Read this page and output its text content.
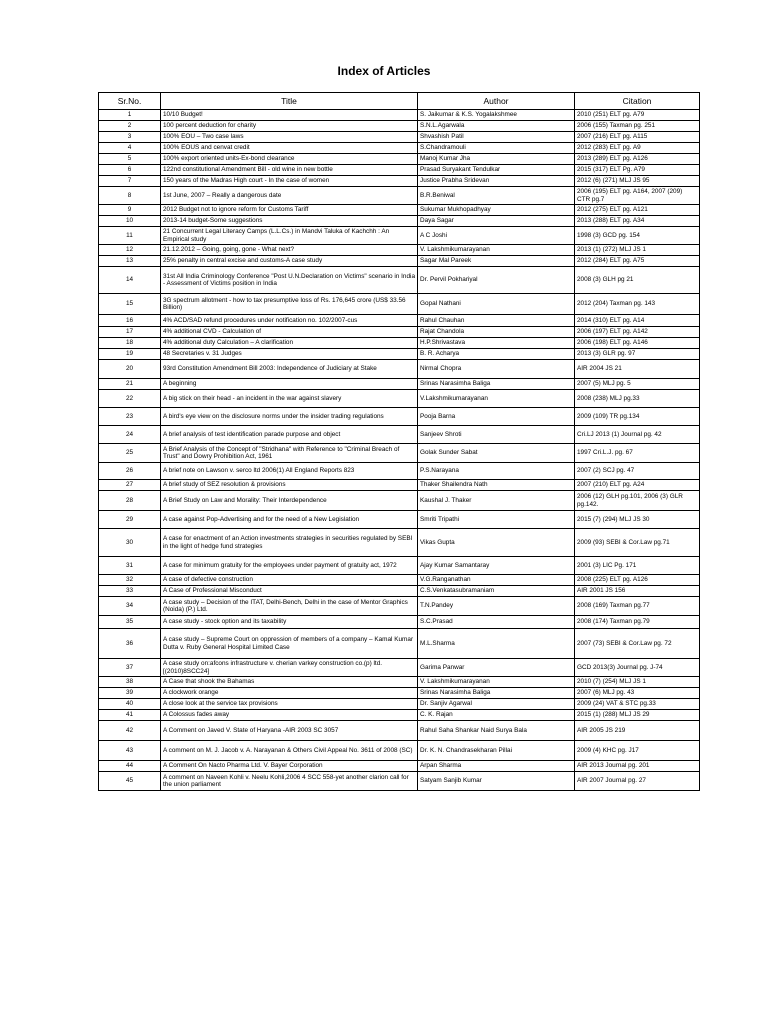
Index of Articles
Sr.No.	Title	Author	Citation
1	10/10 Budget!	S. Jaikumar & K.S. Yogalakshmee	2010 (251) ELT pg. A79
2	100 percent deduction for charity	S.N.L.Agarwala	2006 (155) Taxman pg. 251
3	100% EOU – Two case laws	Shvashish Patil	2007 (216) ELT pg. A115
4	100% EOUS and cenvat credit	S.Chandramouli	2012 (283) ELT pg. A9
5	100% export oriented units-Ex-bond clearance	Manoj Kumar Jha	2013 (289) ELT pg. A126
6	122nd constitutional Amendment Bill - old wine in new bottle	Prasad Suryakant Tendulkar	2015 (317) ELT Pg. A79
7	150 years of the Madras High court - In the case of women	Justice Prabha Sridevan	2012 (6) (271) MLJ JS 95
8	1st June, 2007 – Really a dangerous date	B.R.Beniwal	2006 (195) ELT pg. A164, 2007 (209) CTR pg.7
9	2012 Budget not to ignore reform for Customs Tariff	Sukumar Mukhopadhyay	2012 (275) ELT pg. A121
10	2013-14 budget-Some suggestions	Daya Sagar	2013 (288) ELT pg. A34
11	21 Concurrent Legal Literacy Camps (L.L.Cs.) in Mandvi Taluka of Kachchh : An Empirical study	A C Joshi	1998 (3) GCD pg. 154
12	21.12.2012 – Going, going, gone - What next?	V. Lakshmikumarayanan	2013 (1) (272) MLJ JS 1
13	25% penalty in central excise and customs-A case study	Sagar Mal Pareek	2012 (284) ELT pg. A75
14	31st All India Criminology Conference "Post U.N.Declaration on Victims" scenario in India - Assessment of Victims position in India	Dr. Pervil Pokhariyal	2008 (3) GLH pg 21
15	3G spectrum allotment - how to tax presumptive loss of Rs. 176,645 crore (US$ 33.56 Billion)	Gopal Nathani	2012 (204) Taxman pg. 143
16	4% ACD/SAD refund procedures under notification no. 102/2007-cus	Rahul Chauhan	2014 (310) ELT pg. A14
17	4% additional CVD - Calculation of	Rajat Chandola	2006 (197) ELT pg. A142
18	4% additional duty Calculation – A clarification	H.P.Shrivastava	2006 (198) ELT pg. A146
19	48 Secretaries v. 31 Judges	B. R. Acharya	2013 (3) GLR pg. 97
20	93rd Constitution Amendment Bill 2003: Independence of Judiciary at Stake	Nirmal Chopra	AIR 2004 JS 21
21	A beginning	Srinas Narasimha Baliga	2007 (5) MLJ pg. 5
22	A big stick on their head - an incident in the war against slavery	V.Lakshmikumarayanan	2008 (238) MLJ pg.33
23	A bird's eye view on the disclosure norms under the insider trading regulations	Pooja Barna	2009 (109) TR pg.134
24	A brief analysis of test identification parade purpose and object	Sanjeev Shroti	Cri.LJ 2013 (1) Journal pg. 42
25	A Brief Analysis of the Concept of "Stridhana" with Reference to "Criminal Breach of Trust" and Dowry Prohibition Act, 1961	Golak Sunder Sabat	1997 Cri.L.J. pg. 67
26	A brief note on Lawson v. serco ltd 2006(1) All England Reports 823	P.S.Narayana	2007 (2) SCJ pg. 47
27	A brief study of SEZ resolution & provisions	Thaker Shailendra Nath	2007 (210) ELT pg. A24
28	A Brief Study on Law and Morality: Their Interdependence	Kaushal J. Thaker	2006 (12) GLH pg.101, 2006 (3) GLR pg.142.
29	A case against Pop-Advertising and for the need of a New Legislation	Smriti Tripathi	2015 (7) (294) MLJ JS 30
30	A case for enactment of an Action investments strategies in securities regulated by SEBI in the light of hedge fund strategies	Vikas Gupta	2009 (93) SEBI & Cor.Law pg.71
31	A case for minimum gratuity for the employees under payment of gratuity act, 1972	Ajay Kumar Samantaray	2001 (3) LIC Pg. 171
32	A case of defective construction	V.G.Ranganathan	2008 (225) ELT pg. A126
33	A Case of Professional Misconduct	C.S.Venkatasubramaniam	AIR 2001 JS 156
34	A case study – Decision of the ITAT, Delhi-Bench, Delhi in the case of Mentor Graphics (Noida) (P.) Ltd.	T.N.Pandey	2008 (169) Taxman pg.77
35	A case study - stock option and its taxability	S.C.Prasad	2008 (174) Taxman pg.79
36	A case study – Supreme Court on oppression of members of a company – Kamal Kumar Dutta v. Ruby General Hospital Limited Case	M.L.Sharma	2007 (73) SEBI & Cor.Law pg. 72
37	A case study on:afcons infrastructure v. cherian varkey construction co.(p) ltd.[(2010)8SCC24]	Garima Panwar	GCD 2013(3) Journal pg. J-74
38	A Case that shook the Bahamas	V. Lakshmikumarayanan	2010 (7) (254) MLJ JS 1
39	A clockwork orange	Srinas Narasimha Baliga	2007 (6) MLJ pg. 43
40	A close look at the service tax provisions	Dr. Sanjiv Agarwal	2009 (24) VAT & STC pg.33
41	A Colossus fades away	C. K. Rajan	2015 (1) (288) MLJ JS 29
42	A Comment on Javed V. State of Haryana -AIR 2003 SC 3057	Rahul Saha Shankar Naid Surya Bala	AIR 2005 JS 219
43	A comment on M. J. Jacob v. A. Narayanan & Others Civil Appeal No. 3611 of 2008 (SC)	Dr. K. N. Chandrasekharan Pillai	2009 (4) KHC pg. J17
44	A Comment On Nacto Pharma Ltd. V. Bayer Corporation	Arpan Sharma	AIR 2013 Journal pg. 201
45	A comment on Naveen Kohli v. Neelu Kohli,2006 4 SCC 558-yet another clarion call for the union parliament	Satyam Sanjib Kumar	AIR 2007 Journal pg. 27
